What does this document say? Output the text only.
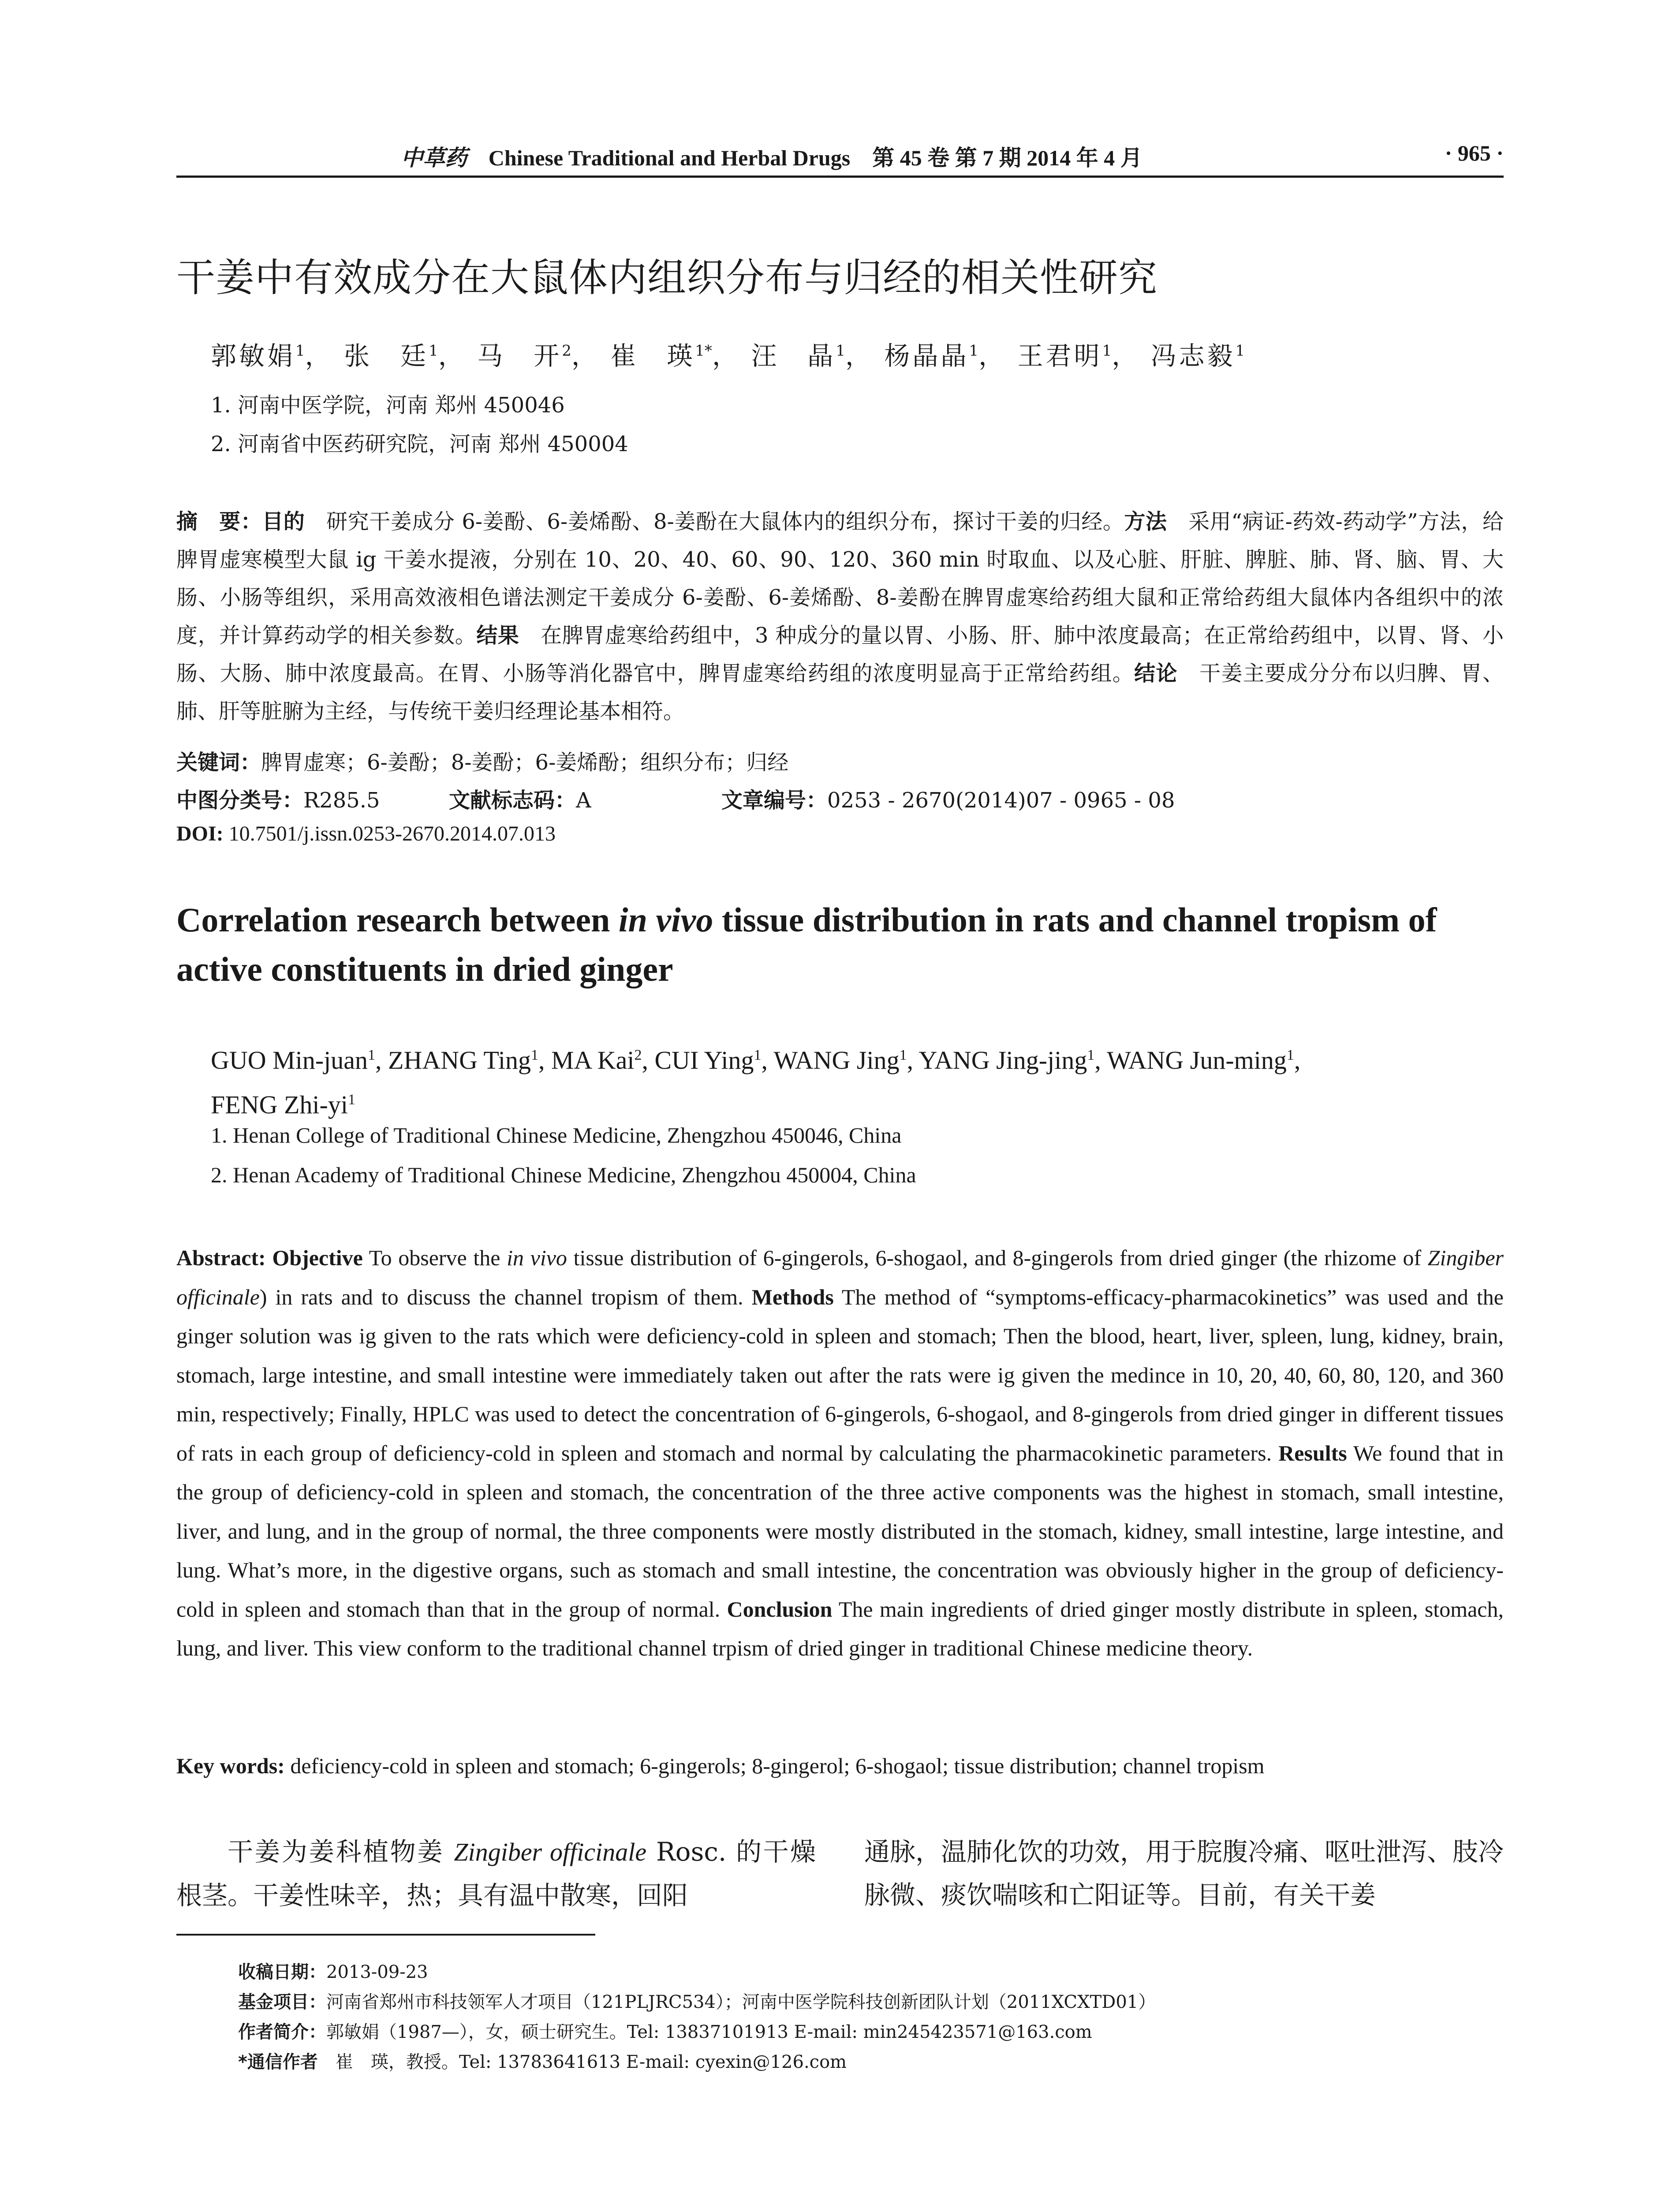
中草药 Chinese Traditional and Herbal Drugs 第 45 卷 第 7 期 2014 年 4 月	· 965 ·
干姜中有效成分在大鼠体内组织分布与归经的相关性研究
郭敏娟$^1$， 张　廷$^1$， 马　开$^2$， 崔　瑛$^{1*}$， 汪　晶$^1$， 杨晶晶$^1$， 王君明$^1$， 冯志毅$^1$
1. 河南中医学院，河南 郑州 450046
2. 河南省中医药研究院，河南 郑州 450004
摘　要：目的　研究干姜成分 6-姜酚、6-姜烯酚、8-姜酚在大鼠体内的组织分布，探讨干姜的归经。方法　采用“病证-药效-药动学”方法，给脾胃虚寒模型大鼠 ig 干姜水提液，分别在 10、20、40、60、90、120、360 min 时取血、以及心脏、肝脏、脾脏、肺、肾、脑、胃、大肠、小肠等组织，采用高效液相色谱法测定干姜成分 6-姜酚、6-姜烯酚、8-姜酚在脾胃虚寒给药组大鼠和正常给药组大鼠体内各组织中的浓度，并计算药动学的相关参数。结果　在脾胃虚寒给药组中，3 种成分的量以胃、小肠、肝、肺中浓度最高；在正常给药组中，以胃、肾、小肠、大肠、肺中浓度最高。在胃、小肠等消化器官中，脾胃虚寒给药组的浓度明显高于正常给药组。结论　干姜主要成分分布以归脾、胃、肺、肝等脏腑为主经，与传统干姜归经理论基本相符。
关键词：脾胃虚寒；6-姜酚；8-姜酚；6-姜烯酚；组织分布；归经
中图分类号：R285.5	文献标志码：A	文章编号：0253 - 2670(2014)07 - 0965 - 08
DOI: 10.7501/j.issn.0253-2670.2014.07.013
Correlation research between in vivo tissue distribution in rats and channel tropism of active constituents in dried ginger
GUO Min-juan$^1$, ZHANG Ting$^1$, MA Kai$^2$, CUI Ying$^1$, WANG Jing$^1$, YANG Jing-jing$^1$, WANG Jun-ming$^1$,
FENG Zhi-$yi^1$
1. Henan College of Traditional Chinese Medicine, Zhengzhou 450046, China
2. Henan Academy of Traditional Chinese Medicine, Zhengzhou 450004, China
Abstract: Objective To observe the in vivo tissue distribution of 6-gingerols, 6-shogaol, and 8-gingerols from dried ginger (the rhizome of Zingiber officinale) in rats and to discuss the channel tropism of them. Methods The method of “symptoms-efficacy-pharmacokinetics” was used and the ginger solution was ig given to the rats which were deficiency-cold in spleen and stomach; Then the blood, heart, liver, spleen, lung, kidney, brain, stomach, large intestine, and small intestine were immediately taken out after the rats were ig given the medince in 10, 20, 40, 60, 80, 120, and 360 min, respectively; Finally, HPLC was used to detect the concentration of 6-gingerols, 6-shogaol, and 8-gingerols from dried ginger in different tissues of rats in each group of deficiency-cold in spleen and stomach and normal by calculating the pharmacokinetic parameters. Results We found that in the group of deficiency-cold in spleen and stomach, the concentration of the three active components was the highest in stomach, small intestine, liver, and lung, and in the group of normal, the three components were mostly distributed in the stomach, kidney, small intestine, large intestine, and lung. What’s more, in the digestive organs, such as stomach and small intestine, the concentration was obviously higher in the group of deficiency-cold in spleen and stomach than that in the group of normal. Conclusion The main ingredients of dried ginger mostly distribute in spleen, stomach, lung, and liver. This view conform to the traditional channel trpism of dried ginger in traditional Chinese medicine theory.
Key words: deficiency-cold in spleen and stomach; 6-gingerols; 8-gingerol; 6-shogaol; tissue distribution; channel tropism
干姜为姜科植物姜 Zingiber officinale Rosc. 的干燥根茎。干姜性味辛，热；具有温中散寒，回阳
通脉，温肺化饮的功效，用于脘腹冷痛、呕吐泄泻、肢冷脉微、痰饮喘咳和亡阳证等。目前，有关干姜
收稿日期：2013-09-23
基金项目：河南省郑州市科技领军人才项目（121PLJRC534）；河南中医学院科技创新团队计划（2011XCXTD01）
作者简介：郭敏娟（1987—），女，硕士研究生。Tel: 13837101913 E-mail: min245423571@163.com
*通信作者　崔　瑛，教授。Tel: 13783641613 E-mail: cyexin@126.com
